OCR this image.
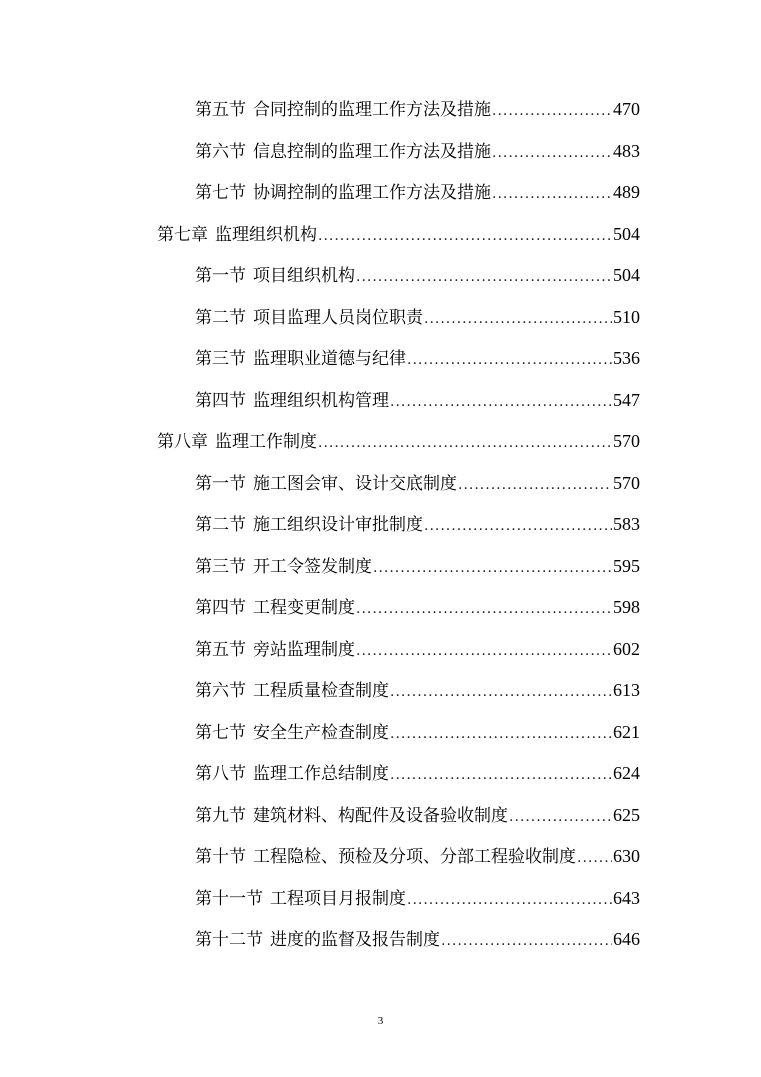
第五节 合同控制的监理工作方法及措施 .....	470
第六节 信息控制的监理工作方法及措施 .....	483
第七节 协调控制的监理工作方法及措施 .....	489
第七章 监理组织机构 .....	504
第一节 项目组织机构 .....	504
第二节 项目监理人员岗位职责 .....	510
第三节 监理职业道德与纪律 .....	536
第四节 监理组织机构管理 .....	547
第八章 监理工作制度 .....	570
第一节 施工图会审、设计交底制度 .....	570
第二节 施工组织设计审批制度 .....	583
第三节 开工令签发制度 .....	595
第四节 工程变更制度 .....	598
第五节 旁站监理制度 .....	602
第六节 工程质量检查制度 .....	613
第七节 安全生产检查制度 .....	621
第八节 监理工作总结制度 .....	624
第九节 建筑材料、构配件及设备验收制度 .....	625
第十节 工程隐检、预检及分项、分部工程验收制度 ..... 630
第十一节 工程项目月报制度 .....	643
第十二节 进度的监督及报告制度 .....	646
3
